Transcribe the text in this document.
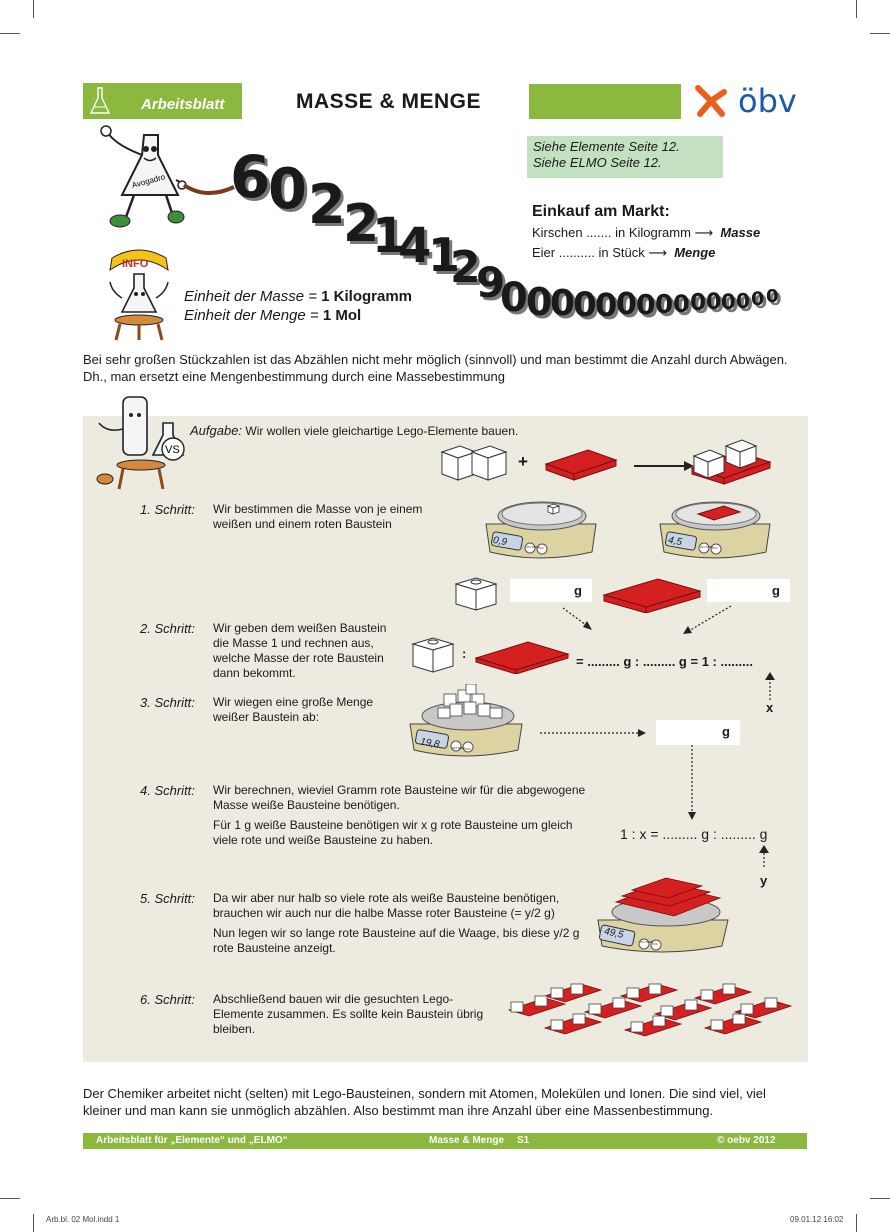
Arbeitsblatt	MASSE & MENGE	öbv
Siehe Elemente Seite 12.
Siehe ELMO Seite 12.
Avogadro 6
0 2
2
1
4
1
2
9
0
0
0
0
0
0 0 0 0 0 0 0 0 0 0
INFO
Einheit der Masse = 1 Kilogramm
Einheit der Menge = 1 Mol
Einkauf am Markt:
Kirschen ....... in Kilogramm ⟶ Masse
Eier .......... in Stück ⟶ Menge
Bei sehr großen Stückzahlen ist das Abzählen nicht mehr möglich (sinnvoll) und man bestimmt die Anzahl durch Abwägen.
Dh., man ersetzt eine Mengenbestimmung durch eine Massebestimmung
VS
Aufgabe: Wir wollen viele gleichartige Lego-Elemente bauen.
+
1. Schritt: Wir bestimmen die Masse von je einem
weißen und einem roten Baustein
2. Schritt: Wir geben dem weißen Baustein
die Masse 1 und rechnen aus,
welche Masse der rote Baustein
dann bekommt.
3. Schritt: Wir wiegen eine große Menge
weißer Baustein ab:
4. Schritt: Wir berechnen, wieviel Gramm rote Bausteine wir für die abgewogene
Masse weiße Bausteine benötigen.
Für 1 g weiße Bausteine benötigen wir x g rote Bausteine um gleich
viele rote und weiße Bausteine zu haben.
5. Schritt: Da wir aber nur halb so viele rote als weiße Bausteine benötigen,
brauchen wir auch nur die halbe Masse roter Bausteine (= y/2 g)
Nun legen wir so lange rote Bausteine auf die Waage, bis diese y/2 g
rote Bausteine anzeigt.
6. Schritt: Abschließend bauen wir die gesuchten Lego-
Elemente zusammen. Es sollte kein Baustein übrig
bleiben.
0,9	ON TARE
OFF	4,5	ON TARE
OFF
g	g
:
= ......... g : ......... g = 1 : .........
x
19,8	ON TARE OFF
g
1 : x = ......... g : ......... g
y
49,5
ON TARE
OFF
Der Chemiker arbeitet nicht (selten) mit Lego-Bausteinen, sondern mit Atomen, Molekülen und Ionen. Die sind viel, viel
kleiner und man kann sie unmöglich abzählen. Also bestimmt man ihre Anzahl über eine Massenbestimmung.
Arbeitsblatt für „Elemente“ und „ELMO“	Masse & Menge S1	© oebv 2012
Arb.bl. 02 Mol.indd 1	09.01.12 16:02
